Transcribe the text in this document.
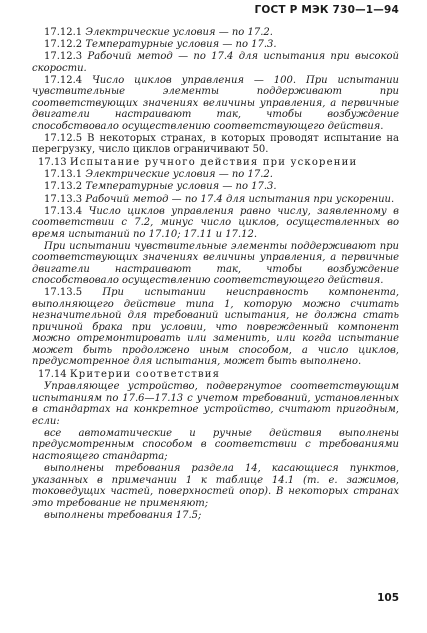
ГОСТ Р МЭК 730—1—94

17.12.1 Электрические условия — по 17.2.

17.12.2 Температурные условия — по 17.3.

17.12.3 Рабочий метод — по 17.4 для испытания при высокой скорости.

17.12.4 Число циклов управления — 100. При испытании чувствительные элементы поддерживают при соответствующих значениях величины управления, а первичные двигатели настраивают так, чтобы возбуждение способствовало осуществлению соответствующего действия.

17.12.5 В некоторых странах, в которых проводят испытание на перегрузку, число циклов ограничивают 50.

17.13 Испытание ручного действия при ускорении

17.13.1 Электрические условия — по 17.2.

17.13.2 Температурные условия — по 17.3.

17.13.3 Рабочий метод — по 17.4 для испытания при ускорении.

17.13.4 Число циклов управления равно числу, заявленному в соответствии с 7.2, минус число циклов, осуществленных во время испытаний по 17.10; 17.11 и 17.12.

При испытании чувствительные элементы поддерживают при соответствующих значениях величины управления, а первичные двигатели настраивают так, чтобы возбуждение способствовало осуществлению соответствующего действия.

17.13.5 При испытании неисправность компонента, выполняющего действие типа 1, которую можно считать незначительной для требований испытания, не должна стать причиной брака при условии, что поврежденный компонент можно отремонтировать или заменить, или когда испытание может быть продолжено иным способом, а число циклов, предусмотренное для испытания, может быть выполнено.

17.14 Критерии соответствия

Управляющее устройство, подвергнутое соответствующим испытаниям по 17.6—17.13 с учетом требований, установленных в стандартах на конкретное устройство, считают пригодным, если:

все автоматические и ручные действия выполнены предусмотренным способом в соответствии с требованиями настоящего стандарта;

выполнены требования раздела 14, касающиеся пунктов, указанных в примечании 1 к таблице 14.1 (т. е. зажимов, токоведущих частей, поверхностей опор). В некоторых странах это требование не применяют;

выполнены требования 17.5;

105
